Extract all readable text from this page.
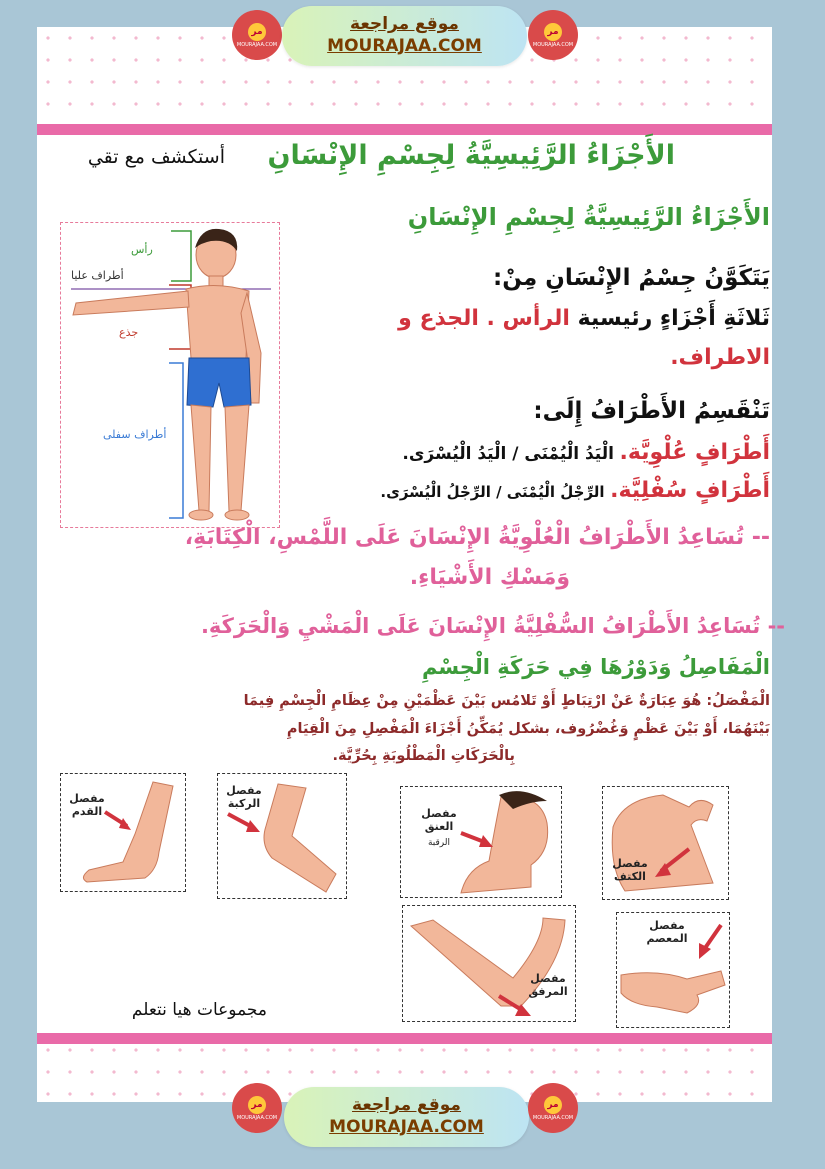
مر
MOURAJAA.COM
موقع مراجعة
MOURAJAA.COM
مر
MOURAJAA.COM
أستكشف مع تقي الأَجْزَاءُ الرَّئِيسِيَّةُ لِجِسْمِ الإِنْسَانِ
الأَجْزَاءُ الرَّئِيسِيَّةُ لِجِسْمِ الإِنْسَانِ
يَتَكَوَّنُ جِسْمُ الإِنْسَانِ مِنْ:
ثَلاثَةِ أَجْزَاءٍ رئيسية الرأس . الجذع و
الاطراف.
تَنْقَسِمُ الأَطْرَافُ إِلَى:
أَطْرَافٍ عُلْوِيَّة. الْيَدُ الْيُمْنَى / الْيَدُ الْيُسْرَى.
أَطْرَافٍ سُفْلِيَّة. الرِّجْلُ الْيُمْنَى / الرِّجْلُ الْيُسْرَى.
-- تُسَاعِدُ الأَطْرَافُ الْعُلْوِيَّةُ الإِنْسَانَ عَلَى اللَّمْسِ، الْكِتَابَةِ،
وَمَسْكِ الأَشْيَاءِ.
-- تُسَاعِدُ الأَطْرَافُ السُّفْلِيَّةُ الإِنْسَانَ عَلَى الْمَشْيِ وَالْحَرَكَةِ.
الْمَفَاصِلُ وَدَوْرُهَا فِي حَرَكَةِ الْجِسْمِ
الْمَفْصَلُ: هُوَ عِبَارَةٌ عَنْ ارْتِبَاطٍ أَوْ تَلامُس بَيْنَ عَظْمَيْنِ مِنْ عِظَامِ الْجِسْمِ فِيمَا
بَيْنَهُمَا، أَوْ بَيْنَ عَظْمٍ وَغُضْرُوف، بشكل يُمَكِّنُ أَجْزَاءَ الْمَفْصِلِ مِنَ الْقِيَامِ
بِالْحَرَكَاتِ الْمَطْلُوبَةِ بِحُرِّيَّة.
رأس
أطراف عليا
جذع
أطراف سفلى
مفصل القدم
مفصل الركبة
مفصل العنق
الرقبة
مفصل الكتف
مفصل المرفق
مفصل المعصم
مجموعات هيا نتعلم
مر
MOURAJAA.COM
موقع مراجعة
MOURAJAA.COM
مر
MOURAJAA.COM
